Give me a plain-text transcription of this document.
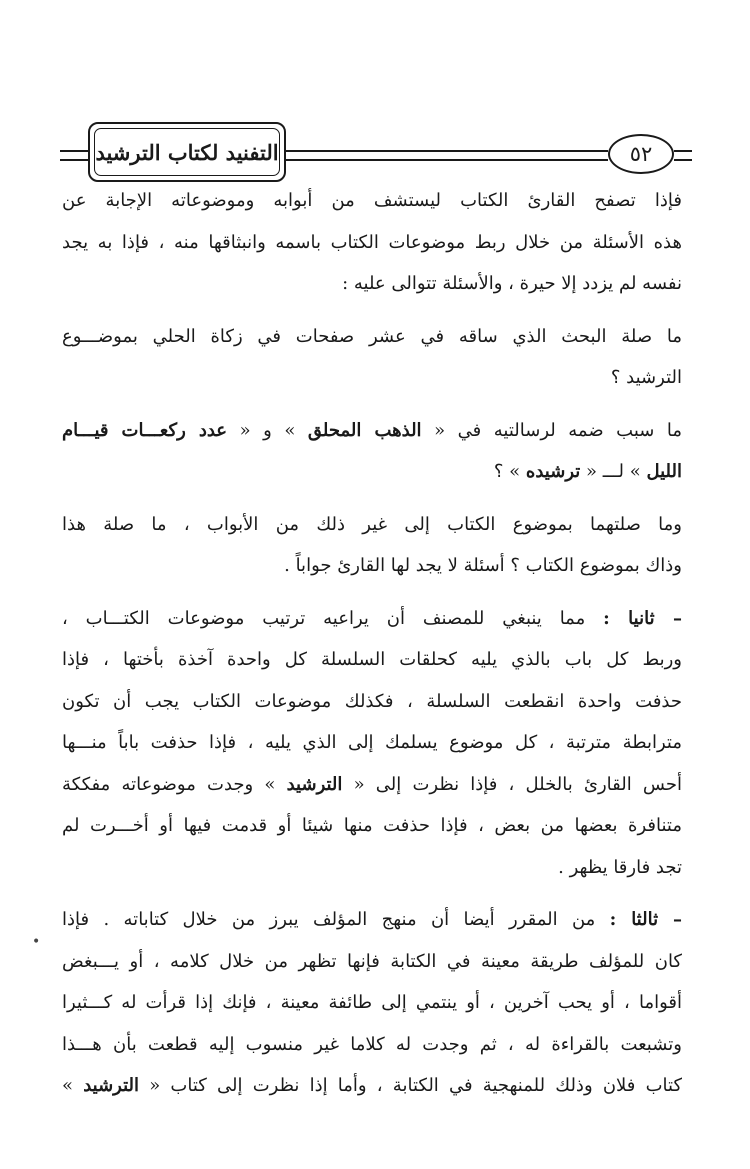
التفنيد لكتاب الترشيد	٥٢

فإذا تصفح القارئ الكتاب ليستشف من أبوابه وموضوعاته الإجابة عن
هذه الأسئلة من خلال ربط موضوعات الكتاب باسمه وانبثاقها منه ، فإذا به يجد
نفسه لم يزدد إلا حيرة ، والأسئلة تتوالى عليه :

ما صلة البحث الذي ساقه في عشر صفحات في زكاة الحلي بموضـــوع
الترشيد ؟

ما سبب ضمه لرسالتيه في « الذهب المحلق » و « عدد ركعـــات قيـــام
الليل » لـــ « ترشيده » ؟

وما صلتهما بموضوع الكتاب إلى غير ذلك من الأبواب ، ما صلة هذا
وذاك بموضوع الكتاب ؟ أسئلة لا يجد لها القارئ جواباً .

– ثانيا : مما ينبغي للمصنف أن يراعيه ترتيب موضوعات الكتـــاب ،
وربط كل باب بالذي يليه كحلقات السلسلة كل واحدة آخذة بأختها ، فإذا
حذفت واحدة انقطعت السلسلة ، فكذلك موضوعات الكتاب يجب أن تكون
مترابطة مترتبة ، كل موضوع يسلمك إلى الذي يليه ، فإذا حذفت باباً منـــها
أحس القارئ بالخلل ، فإذا نظرت إلى « الترشيد » وجدت موضوعاته مفككة
متنافرة بعضها من بعض ، فإذا حذفت منها شيئا أو قدمت فيها أو أخـــرت لم
تجد فارقا يظهر .

– ثالثا : من المقرر أيضا أن منهج المؤلف يبرز من خلال كتاباته . فإذا
كان للمؤلف طريقة معينة في الكتابة فإنها تظهر من خلال كلامه ، أو يـــبغض
أقواما ، أو يحب آخرين ، أو ينتمي إلى طائفة معينة ، فإنك إذا قرأت له كـــثيرا
وتشبعت بالقراءة له ، ثم وجدت له كلاما غير منسوب إليه قطعت بأن هـــذا
كتاب فلان وذلك للمنهجية في الكتابة ، وأما إذا نظرت إلى كتاب « الترشيد »

•
